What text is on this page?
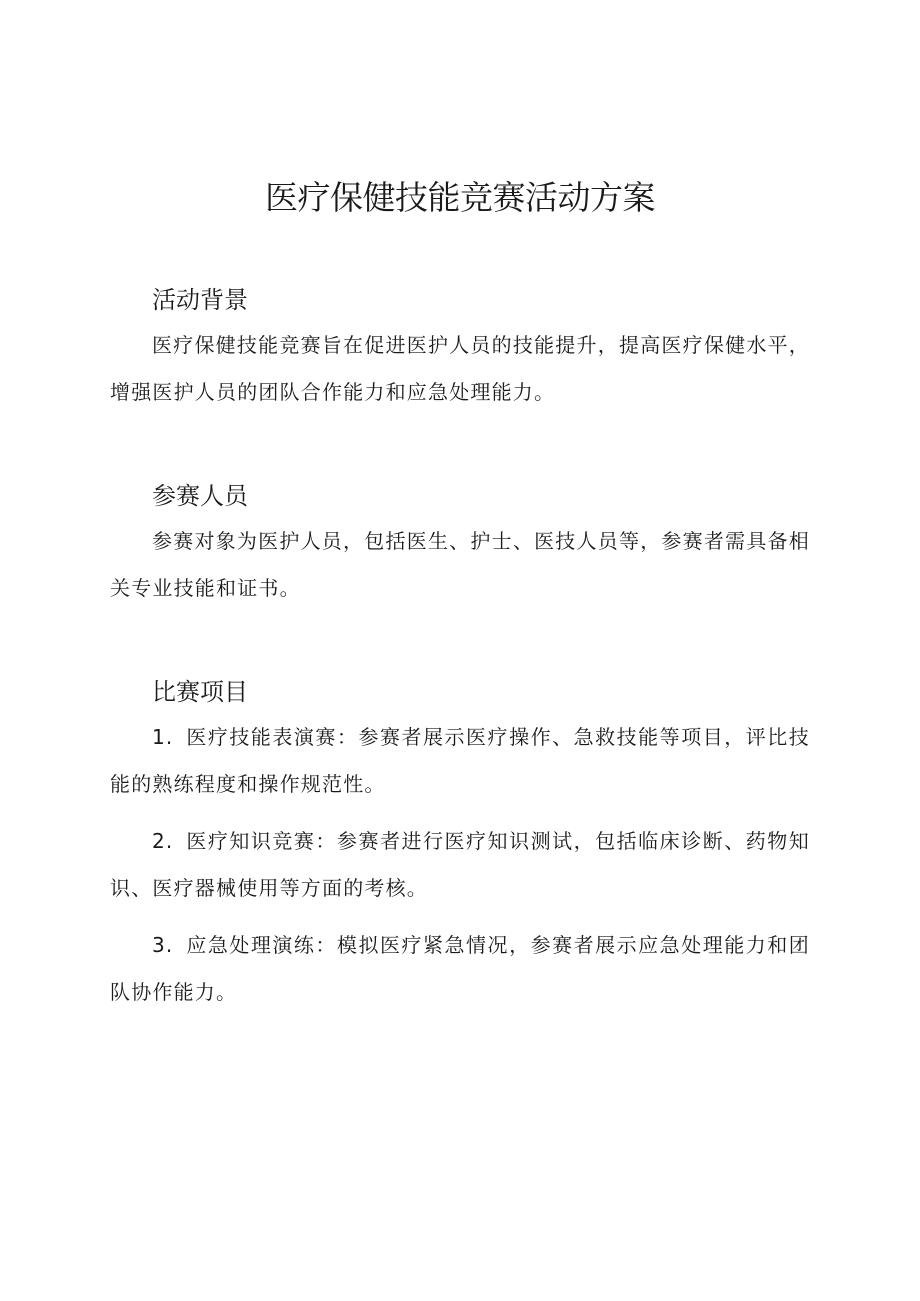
医疗保健技能竞赛活动方案
活动背景

医疗保健技能竞赛旨在促进医护人员的技能提升，提高医疗保健水平，增强医护人员的团队合作能力和应急处理能力。

参赛人员

参赛对象为医护人员，包括医生、护士、医技人员等，参赛者需具备相关专业技能和证书。

比赛项目

1. 医疗技能表演赛：参赛者展示医疗操作、急救技能等项目，评比技能的熟练程度和操作规范性。

2. 医疗知识竞赛：参赛者进行医疗知识测试，包括临床诊断、药物知识、医疗器械使用等方面的考核。

3. 应急处理演练：模拟医疗紧急情况，参赛者展示应急处理能力和团队协作能力。
